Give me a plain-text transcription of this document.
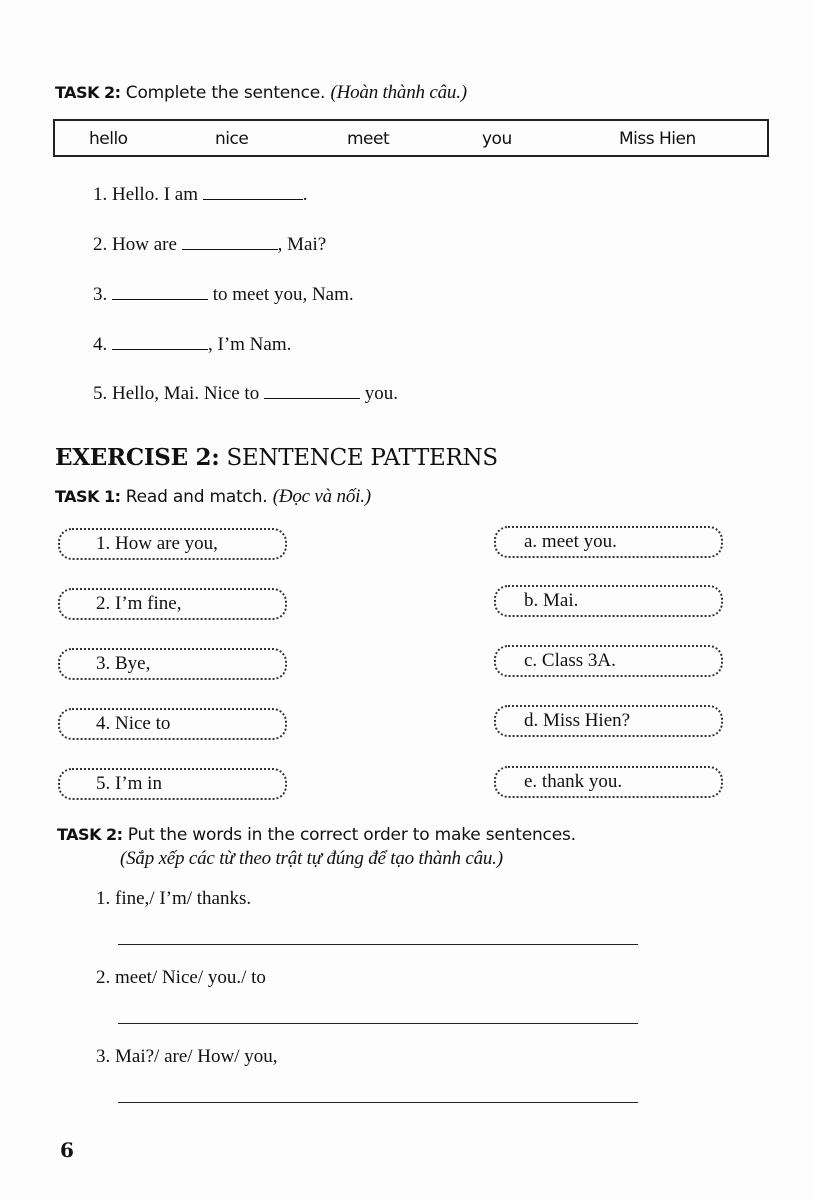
TASK 2: Complete the sentence. (Hoàn thành câu.)
hello	nice	meet	you	Miss Hien
1. Hello. I am	.
2. How are	, Mai?
3.	to meet you, Nam.
4.	, I’m Nam.
5. Hello, Mai. Nice to	you.
EXERCISE 2: SENTENCE PATTERNS
TASK 1: Read and match. (Đọc và nối.)
1. How are you,
2. I’m fine,
3. Bye,
4. Nice to
5. I’m in
a. meet you.
b. Mai.
c. Class 3A.
d. Miss Hien?
e. thank you.
TASK 2: Put the words in the correct order to make sentences.
(Sắp xếp các từ theo trật tự đúng để tạo thành câu.)
1. fine,/ I’m/ thanks.
2. meet/ Nice/ you./ to
3. Mai?/ are/ How/ you,
6
